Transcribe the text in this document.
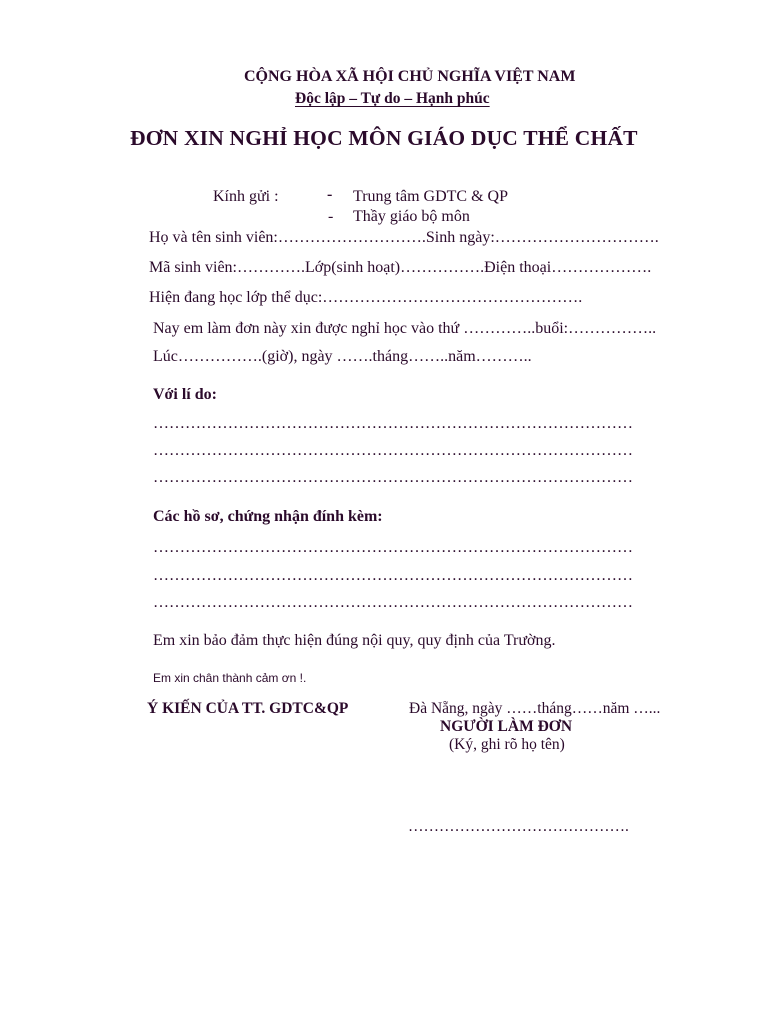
CỘNG HÒA XÃ HỘI CHỦ NGHĨA VIỆT NAM
Độc lập – Tự do – Hạnh phúc
ĐƠN XIN NGHỈ HỌC MÔN GIÁO DỤC THỂ CHẤT
Kính gửi :	- Trung tâm GDTC & QP
- Thầy giáo bộ môn
Họ và tên sinh viên:……………………….Sinh ngày:………………………….
Mã sinh viên:………….Lớp(sinh hoạt)…………….Điện thoại……………….
Hiện đang học lớp thể dục:………………………………………….
Nay em làm đơn này xin được nghỉ học vào thứ …………..buổi:……………..
Lúc…………….(giờ), ngày …….tháng……..năm………..
Với lí do:
………………………………………………………………………………
………………………………………………………………………………
………………………………………………………………………………
Các hồ sơ, chứng nhận đính kèm:
………………………………………………………………………………
………………………………………………………………………………
………………………………………………………………………………
Em xin bảo đảm thực hiện đúng nội quy, quy định của Trường.
Em xin chân thành cảm ơn !.
Ý KIẾN CỦA TT. GDTC&QP	Đà Nẵng, ngày ……tháng……năm …...
NGƯỜI LÀM ĐƠN
(Ký, ghi rõ họ tên)
…………………………………….
